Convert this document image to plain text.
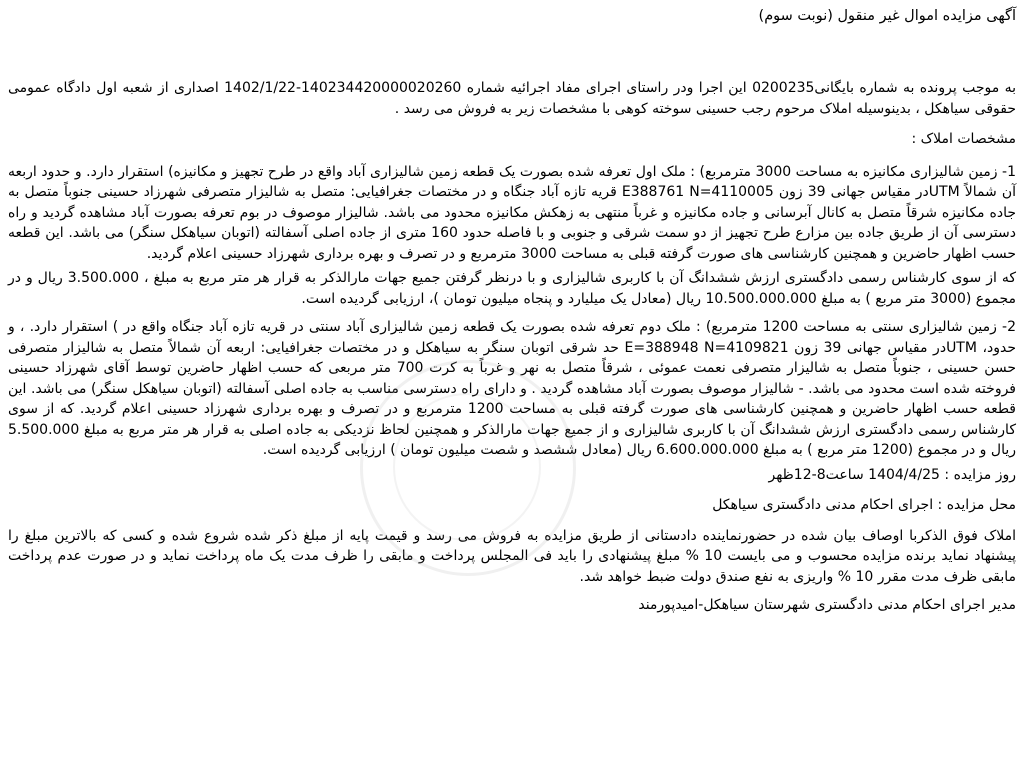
آگهی مزایده اموال غیر منقول (نوبت سوم)

به موجب پرونده به شماره بایگانی0200235 این اجرا ودر راستای اجرای مفاد اجرائیه شماره 140234420000020260-1402/1/22 اصداری از شعبه اول دادگاه عمومی حقوقی سیاهکل ، بدینوسیله املاک مرحوم رجب حسینی سوخته کوهی با مشخصات زیر به فروش می رسد .

مشخصات املاک :

1- زمین شالیزاری مکانیزه به مساحت 3000 مترمربع) : ملک اول تعرفه شده بصورت یک قطعه زمین شالیزاری آباد واقع در طرح تجهیز و مکانیزه) استقرار دارد. و حدود اربعه آن شمالاً UTMدر مقیاس جهانی 39 زون 4110005=E388761 N قریه تازه آباد جنگاه و در مختصات جغرافیایی: متصل به شالیزار متصرفی شهرزاد حسینی جنوباً متصل به جاده مکانیزه شرقاً متصل به کانال آبرسانی و جاده مکانیزه و غرباً منتهی به زهکش مکانیزه محدود می باشد. شالیزار موصوف در بوم تعرفه بصورت آباد مشاهده گردید و راه دسترسی آن از طریق جاده بین مزارع طرح تجهیز از دو سمت شرقی و جنوبی و با فاصله حدود 160 متری از جاده اصلی آسفالته (اتوبان سیاهکل سنگر) می باشد. این قطعه حسب اظهار حاضرین و همچنین کارشناسی های صورت گرفته قبلی به مساحت 3000 مترمربع و در تصرف و بهره برداری شهرزاد حسینی اعلام گردید.

که از سوی کارشناس رسمی دادگستری ارزش ششدانگ آن با کاربری شالیزاری و با درنظر گرفتن جمیع جهات مارالذکر به قرار هر متر مربع به مبلغ ، 3.500.000 ریال و در مجموع (3000 متر مربع ) به مبلغ 10.500.000.000 ریال (معادل یک میلیارد و پنجاه میلیون تومان )، ارزیابی گردیده است.

2- زمین شالیزاری سنتی به مساحت 1200 مترمربع) : ملک دوم تعرفه شده بصورت یک قطعه زمین شالیزاری آباد سنتی در قریه تازه آباد جنگاه واقع در ) استقرار دارد. ، و حدود، UTMدر مقیاس جهانی 39 زون 4109821=E=388948 N حد شرقی اتوبان سنگر به سیاهکل و در مختصات جغرافیایی: اربعه آن شمالاً متصل به شالیزار متصرفی حسن حسینی ، جنوباً متصل به شالیزار متصرفی نعمت عموئی ، شرقاً متصل به نهر و غرباً به کرت 700 متر مربعی که حسب اظهار حاضرین توسط آقای شهرزاد حسینی فروخته شده است محدود می باشد. - شالیزار موصوف بصورت آباد مشاهده گردید . و دارای راه دسترسی مناسب به جاده اصلی آسفالته (اتوبان سیاهکل سنگر) می باشد. این قطعه حسب اظهار حاضرین و همچنین کارشناسی های صورت گرفته قبلی به مساحت 1200 مترمربع و در تصرف و بهره برداری شهرزاد حسینی اعلام گردید. که از سوی کارشناس رسمی دادگستری ارزش ششدانگ آن با کاربری شالیزاری و از جمیع جهات مارالذکر و همچنین لحاظ نزدیکی به جاده اصلی به قرار هر متر مربع به مبلغ 5.500.000 ریال و در مجموع (1200 متر مربع ) به مبلغ 6.600.000.000 ریال (معادل ششصد و شصت میلیون تومان ) ارزیابی گردیده است.

روز مزایده : 1404/4/25 ساعت8-12ظهر

محل مزایده : اجرای احکام مدنی دادگستری سیاهکل

املاک فوق الذکربا اوصاف بیان شده در حضورنماینده دادستانی از طریق مزایده به فروش می رسد و قیمت پایه از مبلغ ذکر شده شروع شده و کسی که بالاترین مبلغ را پیشنهاد نماید برنده مزایده محسوب و می بایست 10 % مبلغ پیشنهادی را باید فی المجلس پرداخت و مابقی را ظرف مدت یک ماه پرداخت نماید و در صورت عدم پرداخت مابقی ظرف مدت مقرر 10 % واریزی به نفع صندق دولت ضبط خواهد شد.

مدیر اجرای احکام مدنی دادگستری شهرستان سیاهکل-امیدپورمند
